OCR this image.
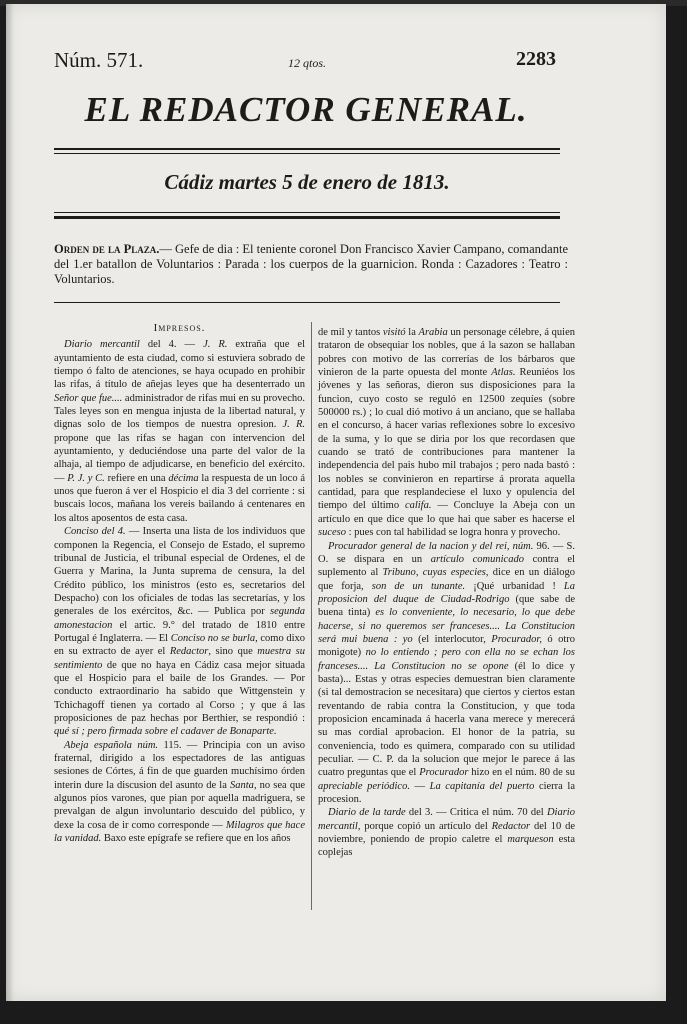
Núm. 571.	12 qtos.	2283
EL REDACTOR GENERAL.
Cádiz martes 5 de enero de 1813.
Orden de la Plaza.— Gefe de dia : El teniente coronel Don Francisco Xavier Campano, comandante del 1.er batallon de Voluntarios : Parada : los cuerpos de la guarnicion. Ronda : Cazadores : Teatro : Voluntarios.
Impresos.

Diario mercantil del 4. — J. R. extraña que el ayuntamiento de esta ciudad, como si estuviera sobrado de tiempo ó falto de atenciones, se haya ocupado en prohibir las rifas, á título de añejas leyes que ha desenterrado un Señor que fue.... administrador de rifas mui en su provecho. Tales leyes son en mengua injusta de la libertad natural, y dignas solo de los tiempos de nuestra opresion. J. R. propone que las rifas se hagan con intervencion del ayuntamiento, y deduciéndose una parte del valor de la alhaja, al tiempo de adjudicarse, en beneficio del exército. — P. J. y C. refiere en una décima la respuesta de un loco á unos que fueron á ver el Hospicio el dia 3 del corriente : si buscais locos, mañana los vereis bailando á centenares en los altos aposentos de esta casa.

Conciso del 4. — Inserta una lista de los individuos que componen la Regencia, el Consejo de Estado, el supremo tribunal de Justicia, el tribunal especial de Ordenes, el de Guerra y Marina, la Junta suprema de censura, la del Crédito público, los ministros (esto es, secretarios del Despacho) con los oficiales de todas las secretarías, y los generales de los exércitos, &c. — Publica por segunda amonestacion el artic. 9.° del tratado de 1810 entre Portugal é Inglaterra. — El Conciso no se burla, como dixo en su extracto de ayer el Redactor, sino que muestra su sentimiento de que no haya en Cádiz casa mejor situada que el Hospicio para el baile de los Grandes. — Por conducto extraordinario ha sabido que Wittgenstein y Tchichagoff tienen ya cortado al Corso ; y que á las proposiciones de paz hechas por Berthier, se respondió : qué sí ; pero firmada sobre el cadaver de Bonaparte.

Abeja española núm. 115. — Principia con un aviso fraternal, dirigido a los espectadores de las antiguas sesiones de Córtes, á fin de que guarden muchísimo órden interin dure la discusion del asunto de la Santa, no sea que algunos píos varones, que pian por aquella madriguera, se prevalgan de algun involuntario descuido del público, y dexe la cosa de ir como corresponde — Milagros que hace la vanidad. Baxo este epígrafe se refiere que en los años

de mil y tantos visitó la Arabia un personage célebre, á quien trataron de obsequiar los nobles, que á la sazon se hallaban pobres con motivo de las correrías de los bárbaros que vinieron de la parte opuesta del monte Atlas. Reuniéos los jóvenes y las señoras, dieron sus disposiciones para la funcion, cuyo costo se reguló en 12500 zequíes (sobre 500000 rs.) ; lo cual dió motivo á un anciano, que se hallaba en el concurso, á hacer varias reflexiones sobre lo excesivo de la suma, y lo que se diria por los que recordasen que cuando se trató de contribuciones para mantener la independencia del pais hubo mil trabajos ; pero nada bastó : los nobles se convinieron en repartirse á prorata aquella cantidad, para que resplandeciese el luxo y opulencia del tiempo del último califa. — Concluye la Abeja con un artículo en que dice que lo que hai que saber es hacerse el suceso : pues con tal habilidad se logra honra y provecho.

Procurador general de la nacion y del rei, núm. 96. — S. O. se dispara en un artículo comunicado contra el suplemento al Tribuno, cuyas especies, dice en un diálogo que forja, son de un tunante. ¡Qué urbanidad ! La proposicion del duque de Ciudad-Rodrigo (que sabe de buena tinta) es lo conveniente, lo necesario, lo que debe hacerse, si no queremos ser franceses.... La Constitucion será mui buena : yo (el interlocutor, Procurador, ó otro monigote) no lo entiendo ; pero con ella no se echan los franceses.... La Constitucion no se opone (él lo dice y basta)... Estas y otras especies demuestran bien claramente (si tal demostracion se necesitara) que ciertos y ciertos estan reventando de rabia contra la Constitucion, y que toda proposicion encaminada á hacerla vana merece y merecerá su mas cordial aprobacion. El honor de la patria, su conveniencia, todo es quimera, comparado con su utilidad peculiar. — C. P. da la solucion que mejor le parece á las cuatro preguntas que el Procurador hizo en el núm. 80 de su apreciable periódico. — La capitanía del puerto cierra la procesion.

Diario de la tarde del 3. — Critica el núm. 70 del Diario mercantil, porque copió un artículo del Redactor del 10 de noviembre, poniendo de propio caletre el marqueson esta coplejas
